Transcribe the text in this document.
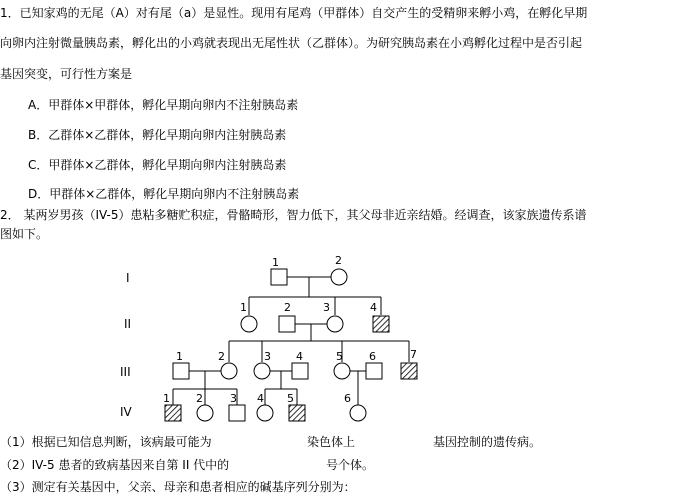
1．已知家鸡的无尾（A）对有尾（a）是显性。现用有尾鸡（甲群体）自交产生的受精卵来孵小鸡，在孵化早期
向卵内注射微量胰岛素，孵化出的小鸡就表现出无尾性状（乙群体）。为研究胰岛素在小鸡孵化过程中是否引起
基因突变，可行性方案是
A．甲群体×甲群体，孵化早期向卵内不注射胰岛素
B．乙群体×乙群体，孵化早期向卵内注射胰岛素
C．甲群体×乙群体，孵化早期向卵内注射胰岛素
D．甲群体×乙群体，孵化早期向卵内不注射胰岛素
2． 某两岁男孩（IV-5）患粘多糖贮积症，骨骼畸形，智力低下，其父母非近亲结婚。经调查，该家族遗传系谱
图如下。
I
II
III
IV
1	2
1	2	3	4
1	2	3 4	5 6	7
1 2 3 4 5	6
（1）根据已知信息判断，该病最可能为	染色体上	基因控制的遗传病。
（2）IV-5 患者的致病基因来自第 II 代中的	号个体。
（3）测定有关基因中，父亲、母亲和患者相应的碱基序列分别为：
